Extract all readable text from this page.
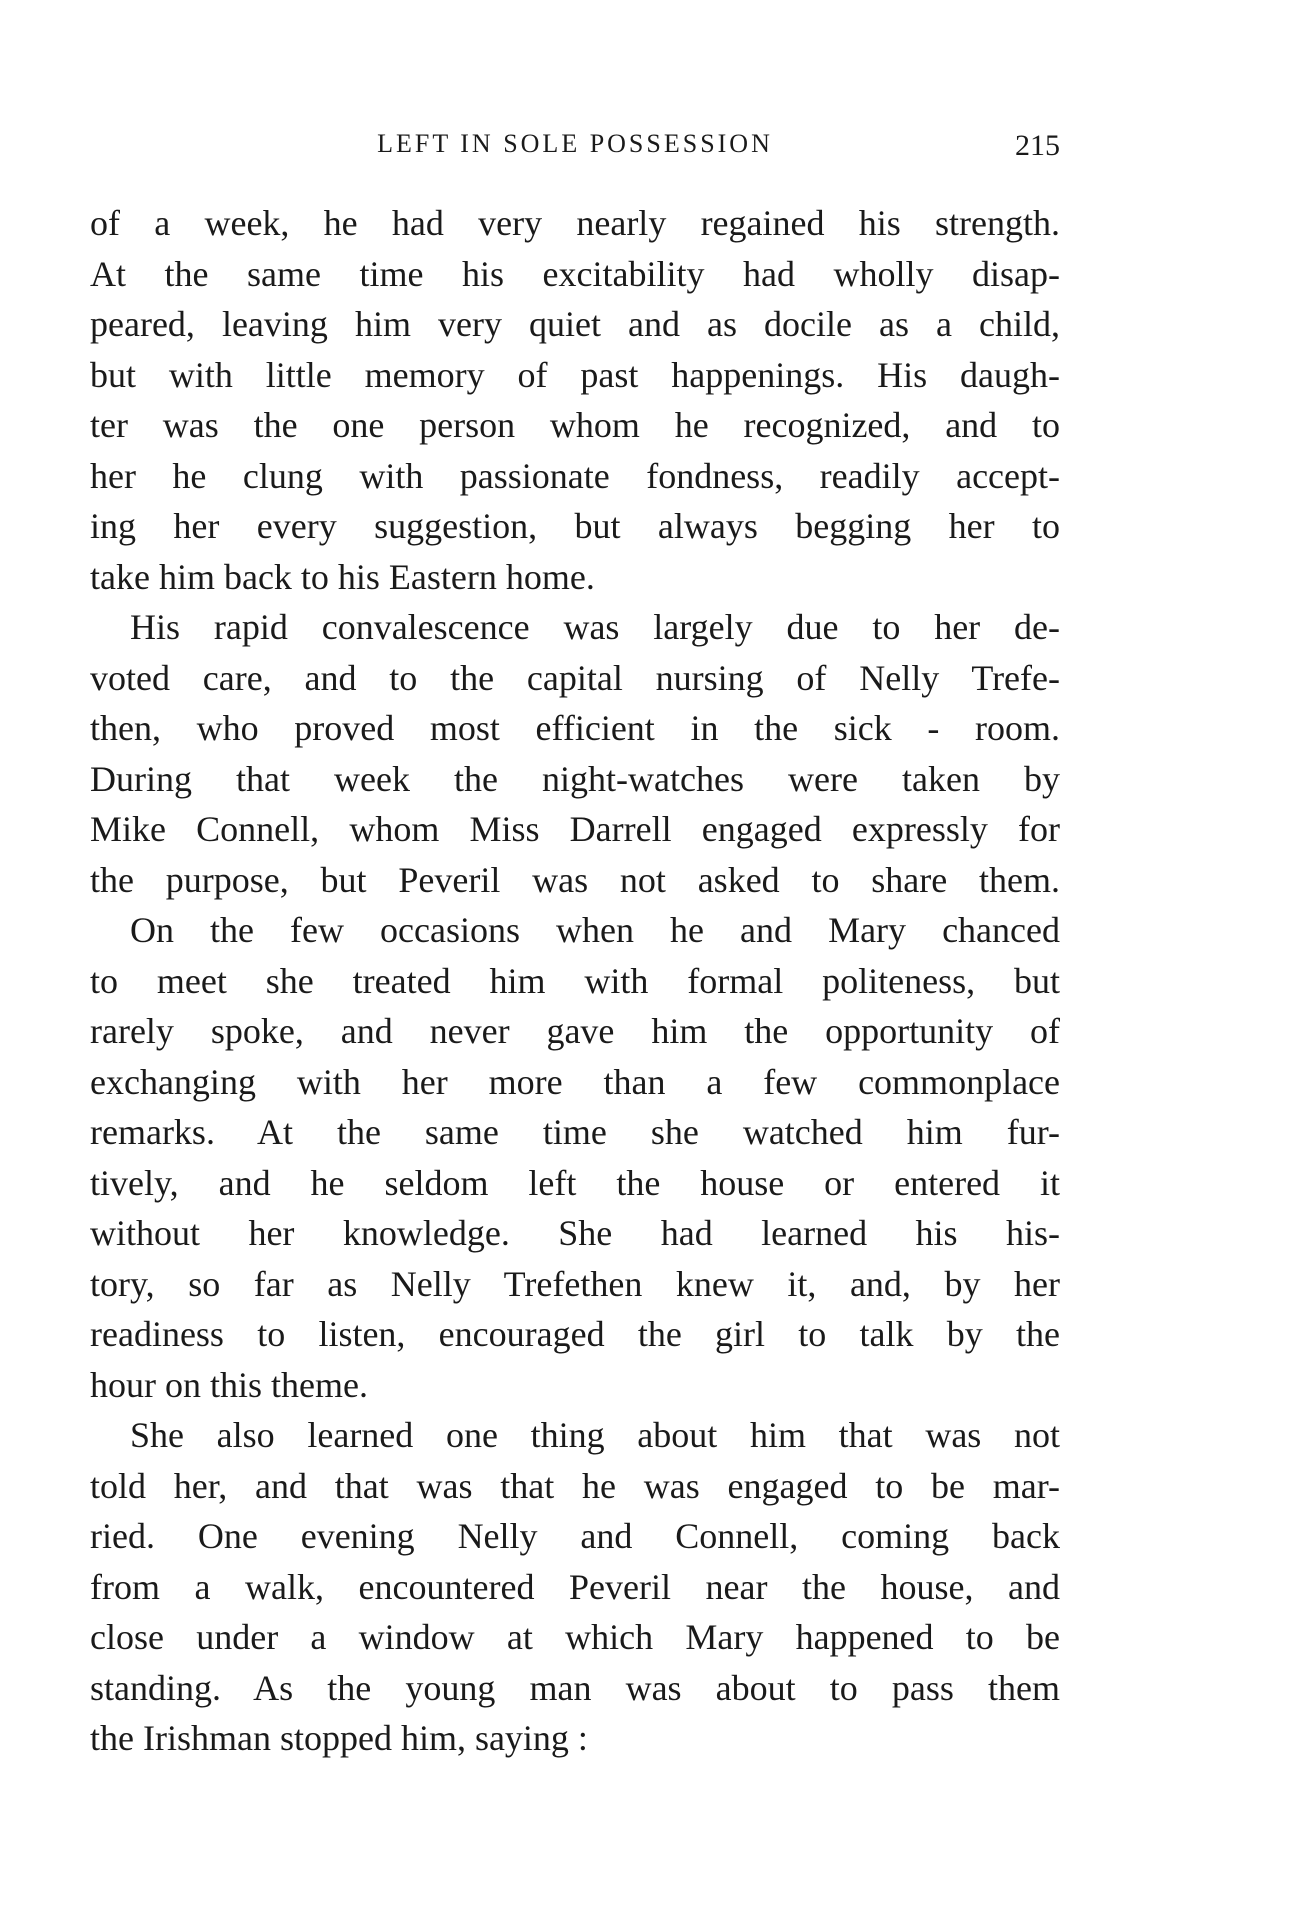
LEFT IN SOLE POSSESSION	215
of a week, he had very nearly regained his strength.
At the same time his excitability had wholly disap-
peared, leaving him very quiet and as docile as a child,
but with little memory of past happenings. His daugh-
ter was the one person whom he recognized, and to
her he clung with passionate fondness, readily accept-
ing her every suggestion, but always begging her to
take him back to his Eastern home.
His rapid convalescence was largely due to her de-
voted care, and to the capital nursing of Nelly Trefe-
then, who proved most efficient in the sick - room.
During that week the night-watches were taken by
Mike Connell, whom Miss Darrell engaged expressly for
the purpose, but Peveril was not asked to share them.
On the few occasions when he and Mary chanced
to meet she treated him with formal politeness, but
rarely spoke, and never gave him the opportunity of
exchanging with her more than a few commonplace
remarks. At the same time she watched him fur-
tively, and he seldom left the house or entered it
without her knowledge. She had learned his his-
tory, so far as Nelly Trefethen knew it, and, by her
readiness to listen, encouraged the girl to talk by the
hour on this theme.
She also learned one thing about him that was not
told her, and that was that he was engaged to be mar-
ried. One evening Nelly and Connell, coming back
from a walk, encountered Peveril near the house, and
close under a window at which Mary happened to be
standing. As the young man was about to pass them
the Irishman stopped him, saying :
